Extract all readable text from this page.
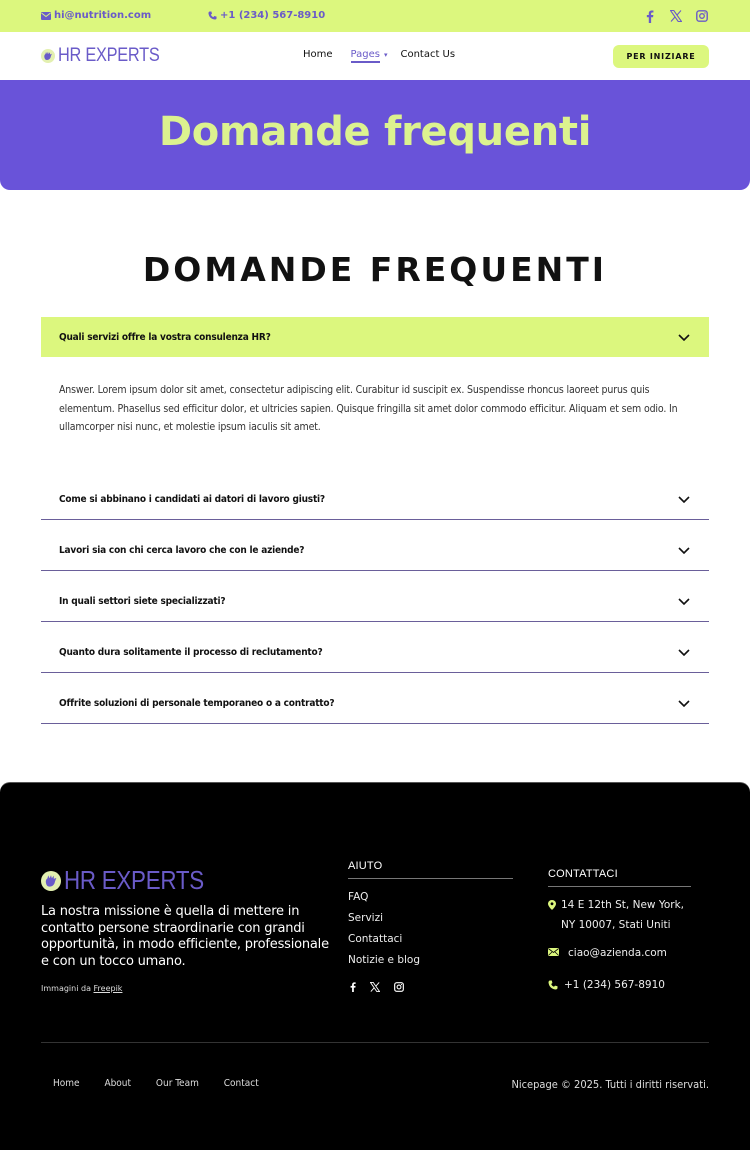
hi@nutrition.com	+1 (234) 567-8910
HR EXPERTS	Home Pages ▾ Contact Us	PER INIZIARE
Domande frequenti
DOMANDE FREQUENTI
Quali servizi offre la vostra consulenza HR?
Answer. Lorem ipsum dolor sit amet, consectetur adipiscing elit. Curabitur id suscipit ex. Suspendisse rhoncus laoreet purus quis elementum. Phasellus sed efficitur dolor, et ultricies sapien. Quisque fringilla sit amet dolor commodo efficitur. Aliquam et sem odio. In ullamcorper nisi nunc, et molestie ipsum iaculis sit amet.
Come si abbinano i candidati ai datori di lavoro giusti?
Lavori sia con chi cerca lavoro che con le aziende?
In quali settori siete specializzati?
Quanto dura solitamente il processo di reclutamento?
Offrite soluzioni di personale temporaneo o a contratto?
HR EXPERTS

La nostra missione è quella di mettere in contatto persone straordinarie con grandi opportunità, in modo efficiente, professionale e con un tocco umano.

Immagini da Freepik

AIUTO
FAQ
Servizi
Contattaci
Notizie e blog
CONTATTACI
14 E 12th St, New York, NY 10007, Stati Uniti
ciao@azienda.com
+1 (234) 567-8910
Home About Our Team Contact	Nicepage © 2025. Tutti i diritti riservati.
